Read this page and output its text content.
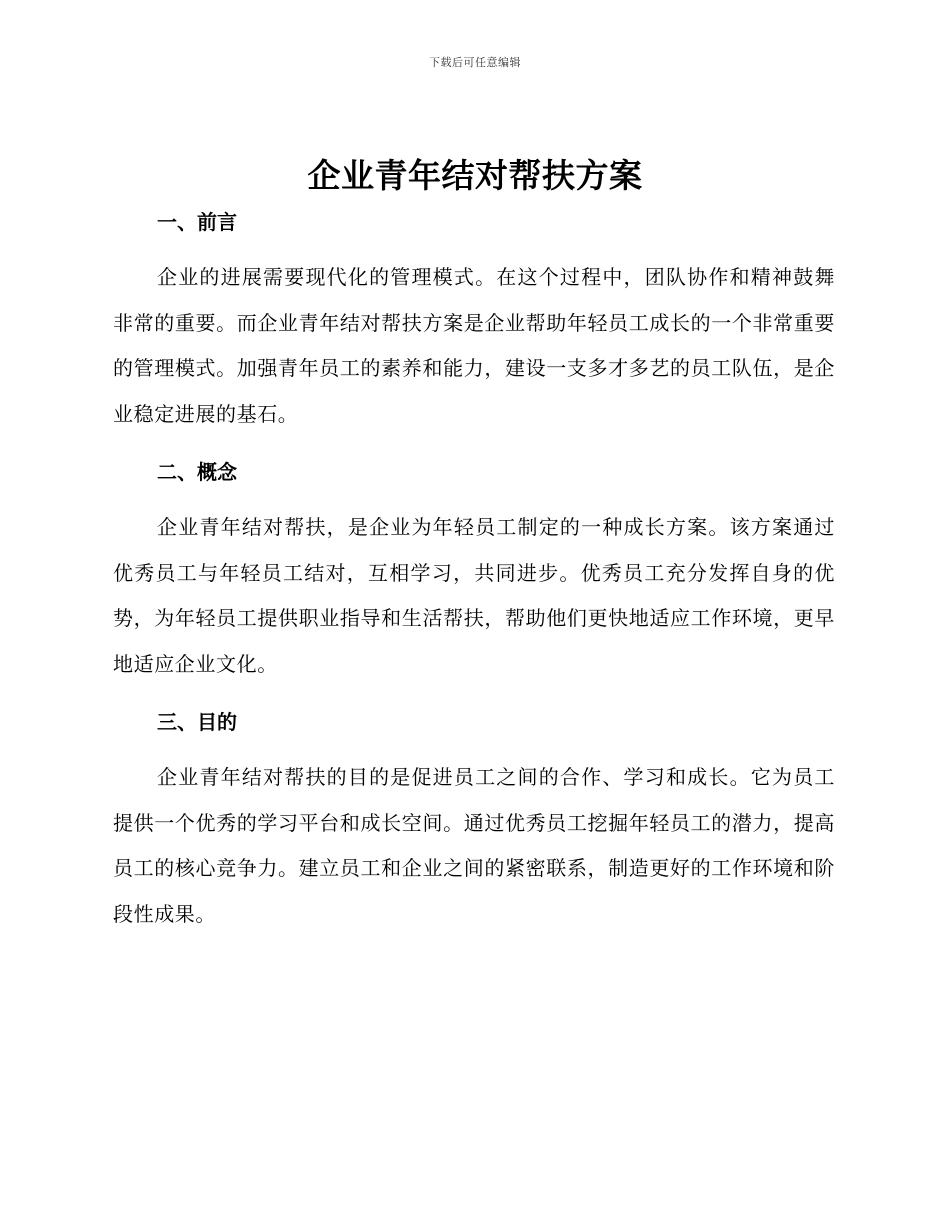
下载后可任意编辑
企业青年结对帮扶方案
一、前言

企业的进展需要现代化的管理模式。在这个过程中，团队协作和精神鼓舞非常的重要。而企业青年结对帮扶方案是企业帮助年轻员工成长的一个非常重要的管理模式。加强青年员工的素养和能力，建设一支多才多艺的员工队伍，是企业稳定进展的基石。

二、概念

企业青年结对帮扶，是企业为年轻员工制定的一种成长方案。该方案通过优秀员工与年轻员工结对，互相学习，共同进步。优秀员工充分发挥自身的优势，为年轻员工提供职业指导和生活帮扶，帮助他们更快地适应工作环境，更早地适应企业文化。

三、目的

企业青年结对帮扶的目的是促进员工之间的合作、学习和成长。它为员工提供一个优秀的学习平台和成长空间。通过优秀员工挖掘年轻员工的潜力，提高员工的核心竞争力。建立员工和企业之间的紧密联系，制造更好的工作环境和阶段性成果。
